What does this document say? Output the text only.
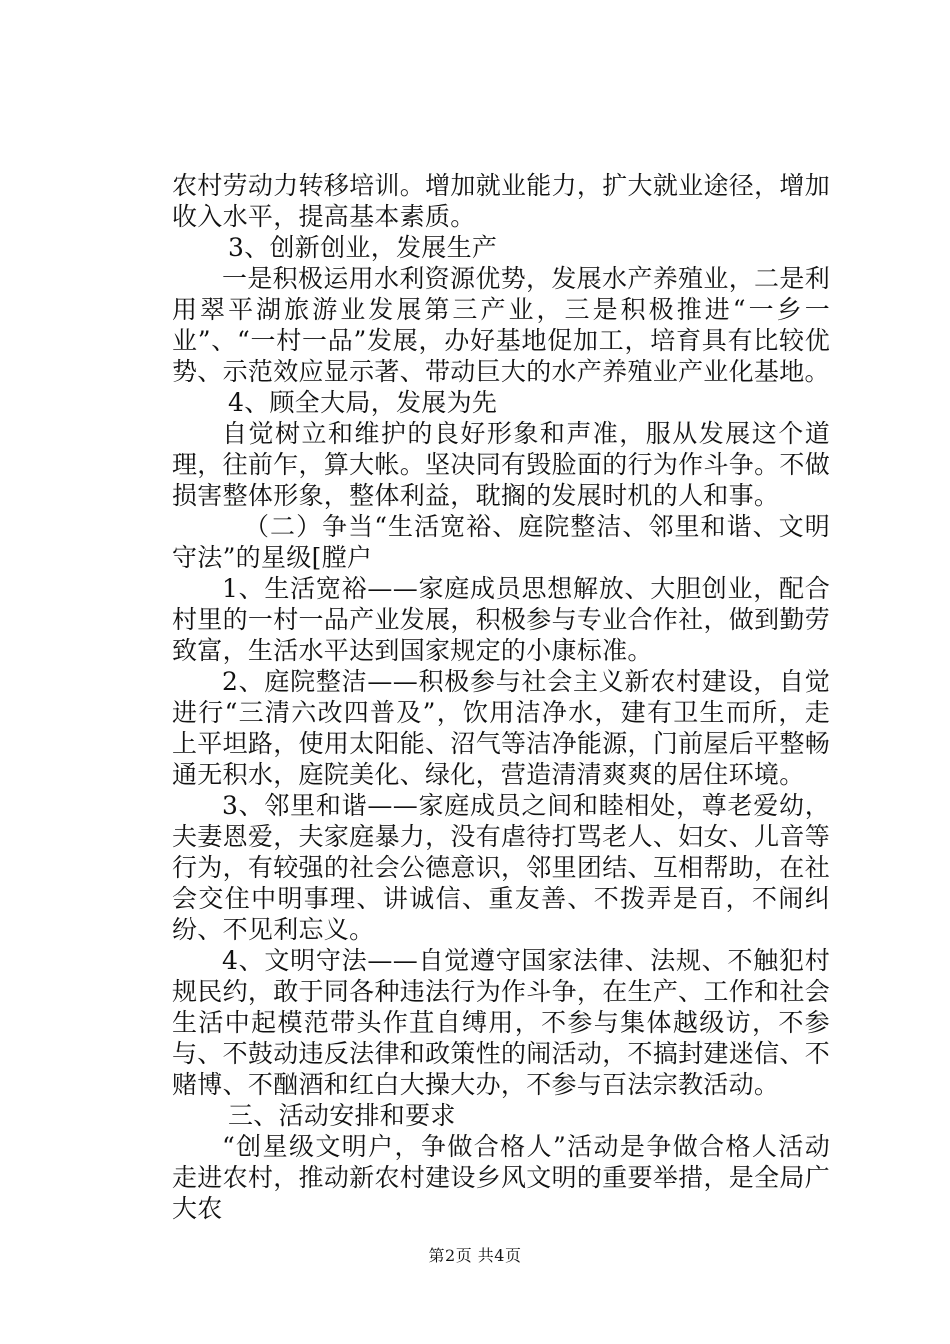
农村劳动力转移培训。增加就业能力，扩大就业途径，增加收入水平，提高基本素质。

3、创新创业，发展生产

一是积极运用水利资源优势，发展水产养殖业，二是利用翠平湖旅游业发展第三产业，三是积极推进“一乡一业”、“一村一品”发展，办好基地促加工，培育具有比较优势、示范效应显示著、带动巨大的水产养殖业产业化基地。

4、顾全大局，发展为先

自觉树立和维护的良好形象和声准，服从发展这个道理，往前乍，算大帐。坚决同有毁脸面的行为作斗争。不做损害整体形象，整体利益，耽搁的发展时机的人和事。

（二）争当“生活宽裕、庭院整洁、邻里和谐、文明守法”的星级[膛户

1、生活宽裕——家庭成员思想解放、大胆创业，配合村里的一村一品产业发展，积极参与专业合作社，做到勤劳致富，生活水平达到国家规定的小康标准。

2、庭院整洁——积极参与社会主义新农村建设，自觉进行“三清六改四普及”，饮用洁净水，建有卫生而所，走上平坦路，使用太阳能、沼气等洁净能源，门前屋后平整畅通无积水，庭院美化、绿化，营造清清爽爽的居住环境。

3、邻里和谐——家庭成员之间和睦相处，尊老爱幼，夫妻恩爱，夫家庭暴力，没有虐待打骂老人、妇女、儿音等行为，有较强的社会公德意识，邻里团结、互相帮助，在社会交住中明事理、讲诚信、重友善、不拨弄是百，不闹纠纷、不见利忘义。

4、文明守法——自觉遵守国家法律、法规、不触犯村规民约，敢于同各种违法行为作斗争，在生产、工作和社会生活中起模范带头作苴自缚用，不参与集体越级访，不参与、不鼓动违反法律和政策性的闹活动，不搞封建迷信、不赌博、不酗酒和红白大操大办，不参与百法宗教活动。

三、活动安排和要求

“创星级文明户，争做合格人”活动是争做合格人活动走进农村，推动新农村建设乡风文明的重要举措，是全局广大农

第2页 共4页
